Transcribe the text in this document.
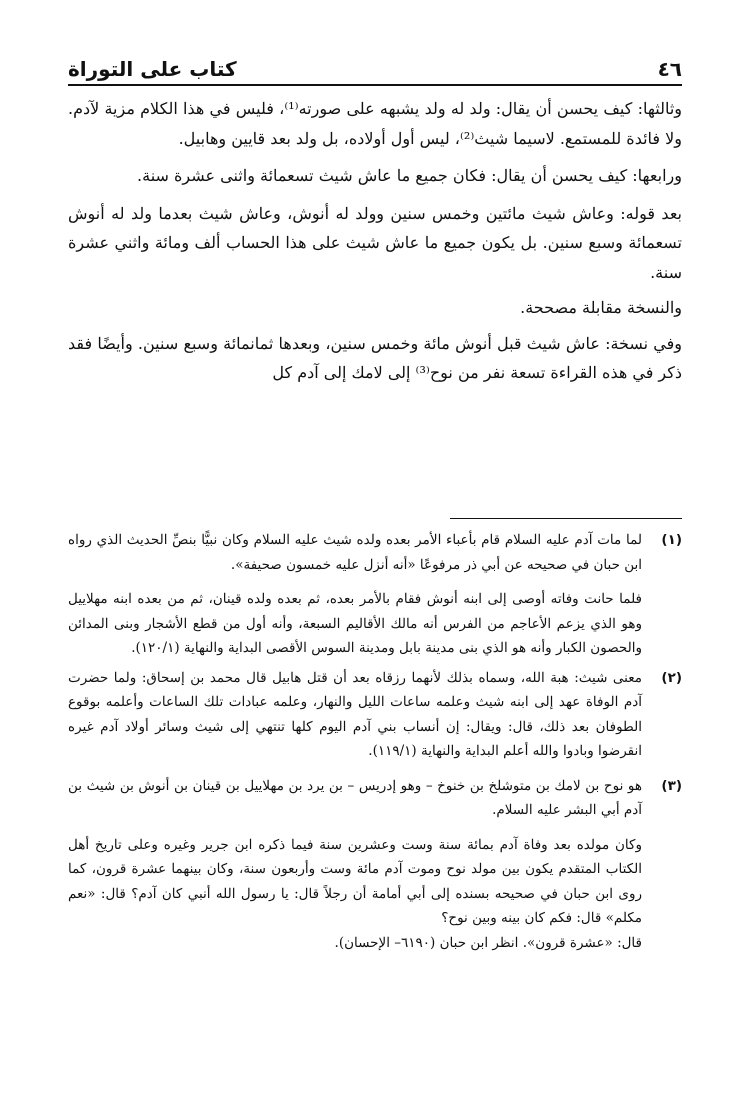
٤٦
كتاب على التوراة

وثالثها: كيف يحسن أن يقال: ولد له ولد يشبهه على صورته⁽¹⁾، فليس في هذا الكلام مزية لآدم. ولا فائدة للمستمع. لاسيما شيث⁽²⁾، ليس أول أولاده، بل ولد بعد قايين وهابيل.

ورابعها: كيف يحسن أن يقال: فكان جميع ما عاش شيث تسعمائة واثنى عشرة سنة.

بعد قوله: وعاش شيث مائتين وخمس سنين وولد له أنوش، وعاش شيث بعدما ولد له أنوش تسعمائة وسبع سنين. بل يكون جميع ما عاش شيث على هذا الحساب ألف ومائة واثني عشرة سنة.

والنسخة مقابلة مصححة.

وفي نسخة: عاش شيث قبل أنوش مائة وخمس سنين، وبعدها ثمانمائة وسبع سنين. وأيضًا فقد ذكر في هذه القراءة تسعة نفر من نوح⁽³⁾ إلى لامك إلى آدم كل

(١)

لما مات آدم عليه السلام قام بأعباء الأمر بعده ولده شيث عليه السلام وكان نبيًّا بنصِّ الحديث الذي رواه ابن حبان في صحيحه عن أبي ذر مرفوعًا «أنه أنزل عليه خمسون صحيفة».

فلما حانت وفاته أوصى إلى ابنه أنوش فقام بالأمر بعده، ثم بعده ولده قينان، ثم من بعده ابنه مهلاييل وهو الذي يزعم الأعاجم من الفرس أنه مالك الأقاليم السبعة، وأنه أول من قطع الأشجار وبنى المدائن والحصون الكبار وأنه هو الذي بنى مدينة بابل ومدينة السوس الأقصى البداية والنهاية (١٢٠/١).

(٢)

معنى شيث: هبة الله، وسماه بذلك لأنهما رزقاه بعد أن قتل هابيل قال محمد بن إسحاق: ولما حضرت آدم الوفاة عهد إلى ابنه شيث وعلمه ساعات الليل والنهار، وعلمه عبادات تلك الساعات وأعلمه بوقوع الطوفان بعد ذلك، قال: ويقال: إن أنساب بني آدم اليوم كلها تنتهي إلى شيث وسائر أولاد آدم غيره انقرضوا وبادوا والله أعلم البداية والنهاية (١١٩/١).

(٣)

هو نوح بن لامك بن متوشلخ بن خنوخ – وهو إدريس – بن يرد بن مهلاييل بن قينان بن أنوش بن شيث بن آدم أبي البشر عليه السلام.

وكان مولده بعد وفاة آدم بمائة سنة وست وعشرين سنة فيما ذكره ابن جرير وغيره وعلى تاريخ أهل الكتاب المتقدم يكون بين مولد نوح وموت آدم مائة وست وأربعون سنة، وكان بينهما عشرة قرون، كما روى ابن حبان في صحيحه بسنده إلى أبي أمامة أن رجلاً قال: يا رسول الله أنبي كان آدم؟ قال: «نعم مكلم» قال: فكم كان بينه وبين نوح؟

قال: «عشرة قرون». انظر ابن حبان (٦١٩٠– الإحسان).
